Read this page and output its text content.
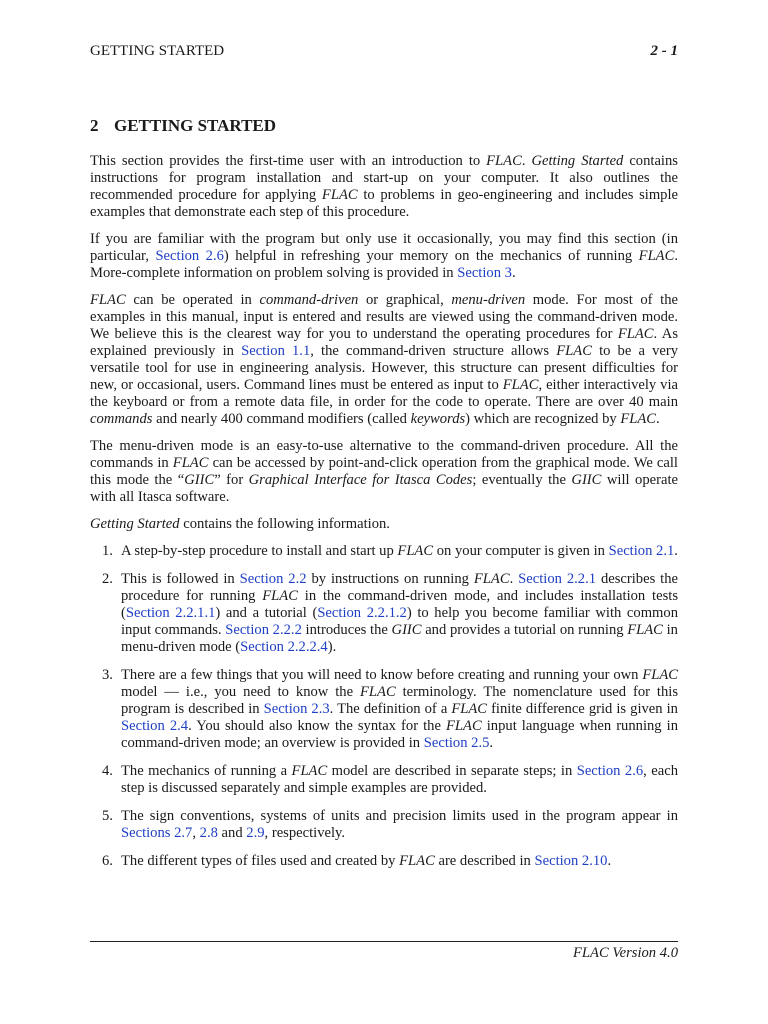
GETTING STARTED	2 - 1
2 GETTING STARTED

This section provides the first-time user with an introduction to FLAC. Getting Started contains instructions for program installation and start-up on your computer. It also outlines the recommended procedure for applying FLAC to problems in geo-engineering and includes simple examples that demonstrate each step of this procedure.

If you are familiar with the program but only use it occasionally, you may find this section (in particular, Section 2.6) helpful in refreshing your memory on the mechanics of running FLAC. More-complete information on problem solving is provided in Section 3.

FLAC can be operated in command-driven or graphical, menu-driven mode. For most of the examples in this manual, input is entered and results are viewed using the command-driven mode. We believe this is the clearest way for you to understand the operating procedures for FLAC. As explained previously in Section 1.1, the command-driven structure allows FLAC to be a very versatile tool for use in engineering analysis. However, this structure can present difficulties for new, or occasional, users. Command lines must be entered as input to FLAC, either interactively via the keyboard or from a remote data file, in order for the code to operate. There are over 40 main commands and nearly 400 command modifiers (called keywords) which are recognized by FLAC.

The menu-driven mode is an easy-to-use alternative to the command-driven procedure. All the commands in FLAC can be accessed by point-and-click operation from the graphical mode. We call this mode the “GIIC” for Graphical Interface for Itasca Codes; eventually the GIIC will operate with all Itasca software.

Getting Started contains the following information.

1. A step-by-step procedure to install and start up FLAC on your computer is given in Section 2.1.
2. This is followed in Section 2.2 by instructions on running FLAC. Section 2.2.1 describes the procedure for running FLAC in the command-driven mode, and includes installation tests (Section 2.2.1.1) and a tutorial (Section 2.2.1.2) to help you become familiar with common input commands. Section 2.2.2 introduces the GIIC and provides a tutorial on running FLAC in menu-driven mode (Section 2.2.2.4).
3. There are a few things that you will need to know before creating and running your own FLAC model — i.e., you need to know the FLAC terminology. The nomenclature used for this program is described in Section 2.3. The definition of a FLAC finite difference grid is given in Section 2.4. You should also know the syntax for the FLAC input language when running in command-driven mode; an overview is provided in Section 2.5.
4. The mechanics of running a FLAC model are described in separate steps; in Section 2.6, each step is discussed separately and simple examples are provided.
5. The sign conventions, systems of units and precision limits used in the program appear in Sections 2.7, 2.8 and 2.9, respectively.
6. The different types of files used and created by FLAC are described in Section 2.10.
FLAC Version 4.0
